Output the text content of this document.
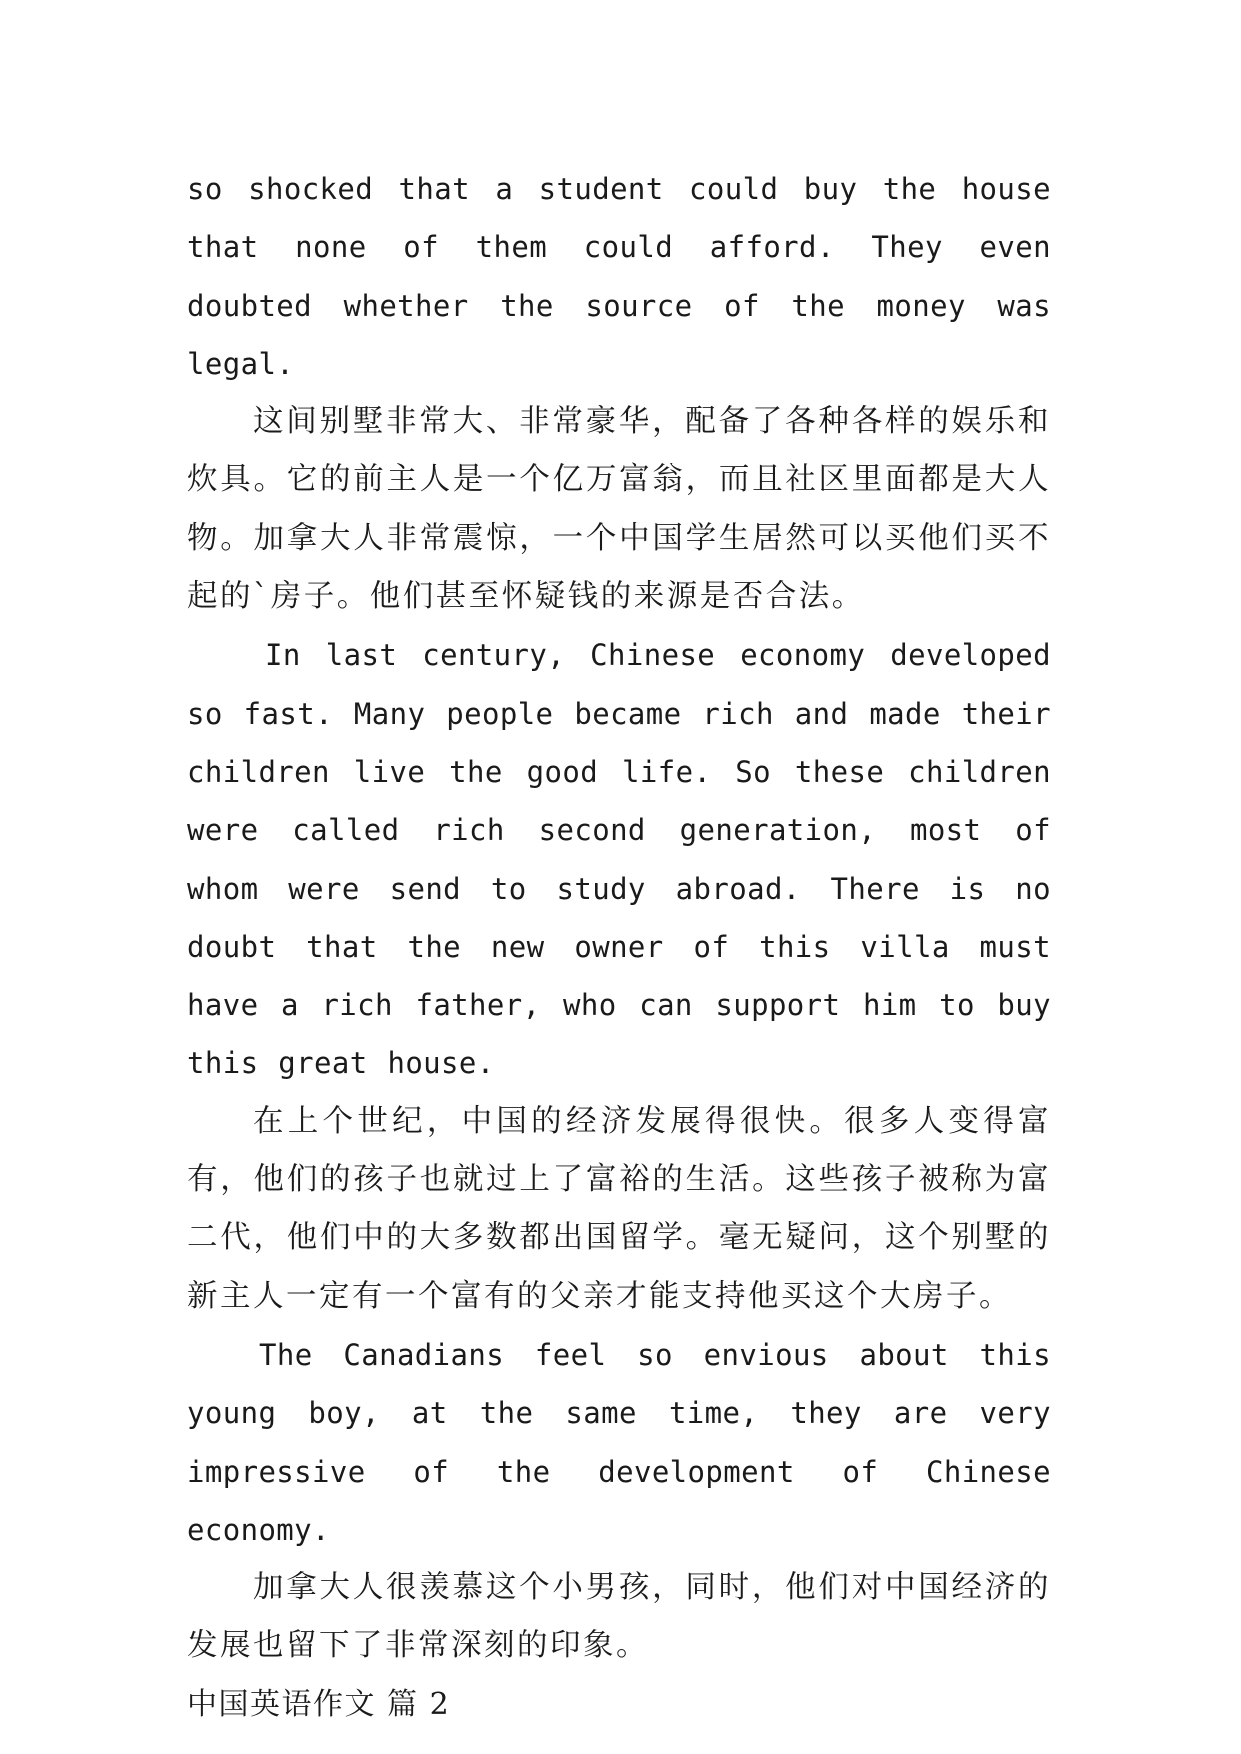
so shocked that a student could buy the house that none of them could afford. They even doubted whether the source of the money was legal.

这间别墅非常大、非常豪华，配备了各种各样的娱乐和炊具。它的前主人是一个亿万富翁，而且社区里面都是大人物。加拿大人非常震惊，一个中国学生居然可以买他们买不起的`房子。他们甚至怀疑钱的来源是否合法。

In last century, Chinese economy developed so fast. Many people became rich and made their children live the good life. So these children were called rich second generation, most of whom were send to study abroad. There is no doubt that the new owner of this villa must have a rich father, who can support him to buy this great house.

在上个世纪，中国的经济发展得很快。很多人变得富有，他们的孩子也就过上了富裕的生活。这些孩子被称为富二代，他们中的大多数都出国留学。毫无疑问，这个别墅的新主人一定有一个富有的父亲才能支持他买这个大房子。

The Canadians feel so envious about this young boy, at the same time, they are very impressive of the development of Chinese economy.

加拿大人很羡慕这个小男孩，同时，他们对中国经济的发展也留下了非常深刻的印象。

中国英语作文 篇 2
